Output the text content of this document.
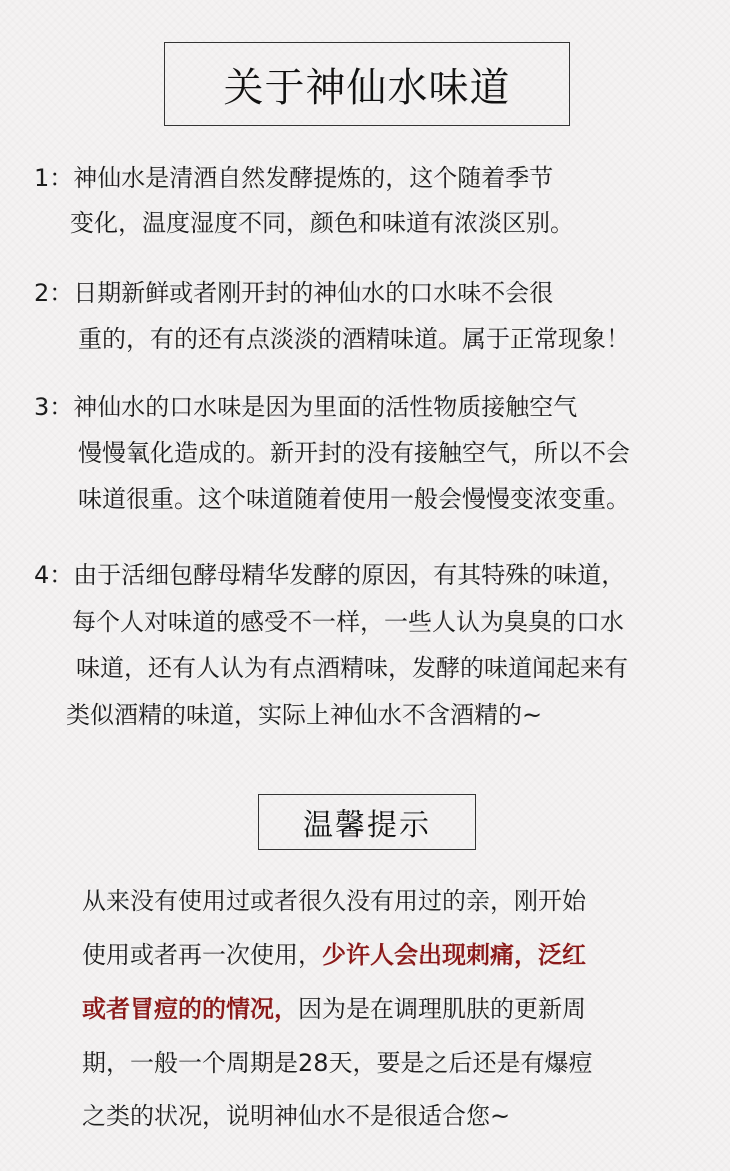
关于神仙水味道
1：神仙水是清酒自然发酵提炼的，这个随着季节
变化，温度湿度不同，颜色和味道有浓淡区别。
2：日期新鲜或者刚开封的神仙水的口水味不会很
重的，有的还有点淡淡的酒精味道。属于正常现象！
3：神仙水的口水味是因为里面的活性物质接触空气
慢慢氧化造成的。新开封的没有接触空气，所以不会
味道很重。这个味道随着使用一般会慢慢变浓变重。
4：由于活细包酵母精华发酵的原因，有其特殊的味道，
每个人对味道的感受不一样，一些人认为臭臭的口水
味道，还有人认为有点酒精味，发酵的味道闻起来有
类似酒精的味道，实际上神仙水不含酒精的~
温馨提示
从来没有使用过或者很久没有用过的亲，刚开始
使用或者再一次使用，少许人会出现刺痛，泛红
或者冒痘的的情况，因为是在调理肌肤的更新周
期，一般一个周期是28天，要是之后还是有爆痘
之类的状况，说明神仙水不是很适合您~
